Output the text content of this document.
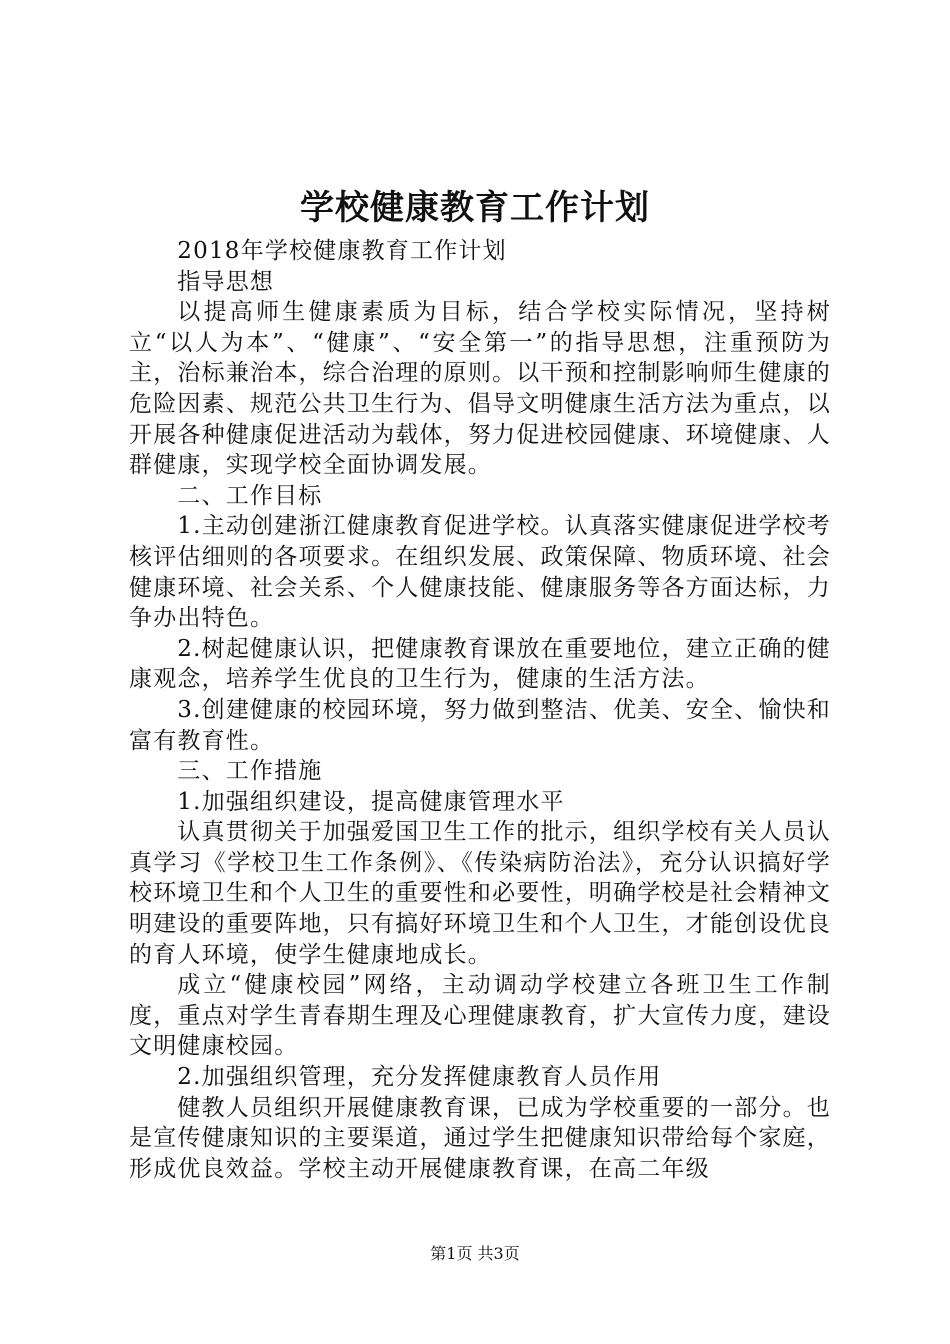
学校健康教育工作计划

2018年学校健康教育工作计划

指导思想

以提高师生健康素质为目标，结合学校实际情况，坚持树立“以人为本”、“健康”、“安全第一”的指导思想，注重预防为主，治标兼治本，综合治理的原则。以干预和控制影响师生健康的危险因素、规范公共卫生行为、倡导文明健康生活方法为重点，以开展各种健康促进活动为载体，努力促进校园健康、环境健康、人群健康，实现学校全面协调发展。

二、工作目标

1.主动创建浙江健康教育促进学校。认真落实健康促进学校考核评估细则的各项要求。在组织发展、政策保障、物质环境、社会健康环境、社会关系、个人健康技能、健康服务等各方面达标，力争办出特色。

2.树起健康认识，把健康教育课放在重要地位，建立正确的健康观念，培养学生优良的卫生行为，健康的生活方法。

3.创建健康的校园环境，努力做到整洁、优美、安全、愉快和富有教育性。

三、工作措施

1.加强组织建设，提高健康管理水平

认真贯彻关于加强爱国卫生工作的批示，组织学校有关人员认真学习《学校卫生工作条例》、《传染病防治法》，充分认识搞好学校环境卫生和个人卫生的重要性和必要性，明确学校是社会精神文明建设的重要阵地，只有搞好环境卫生和个人卫生，才能创设优良的育人环境，使学生健康地成长。

成立“健康校园”网络，主动调动学校建立各班卫生工作制度，重点对学生青春期生理及心理健康教育，扩大宣传力度，建设文明健康校园。

2.加强组织管理，充分发挥健康教育人员作用

健教人员组织开展健康教育课，已成为学校重要的一部分。也是宣传健康知识的主要渠道，通过学生把健康知识带给每个家庭，形成优良效益。学校主动开展健康教育课，在高二年级

第1页 共3页
